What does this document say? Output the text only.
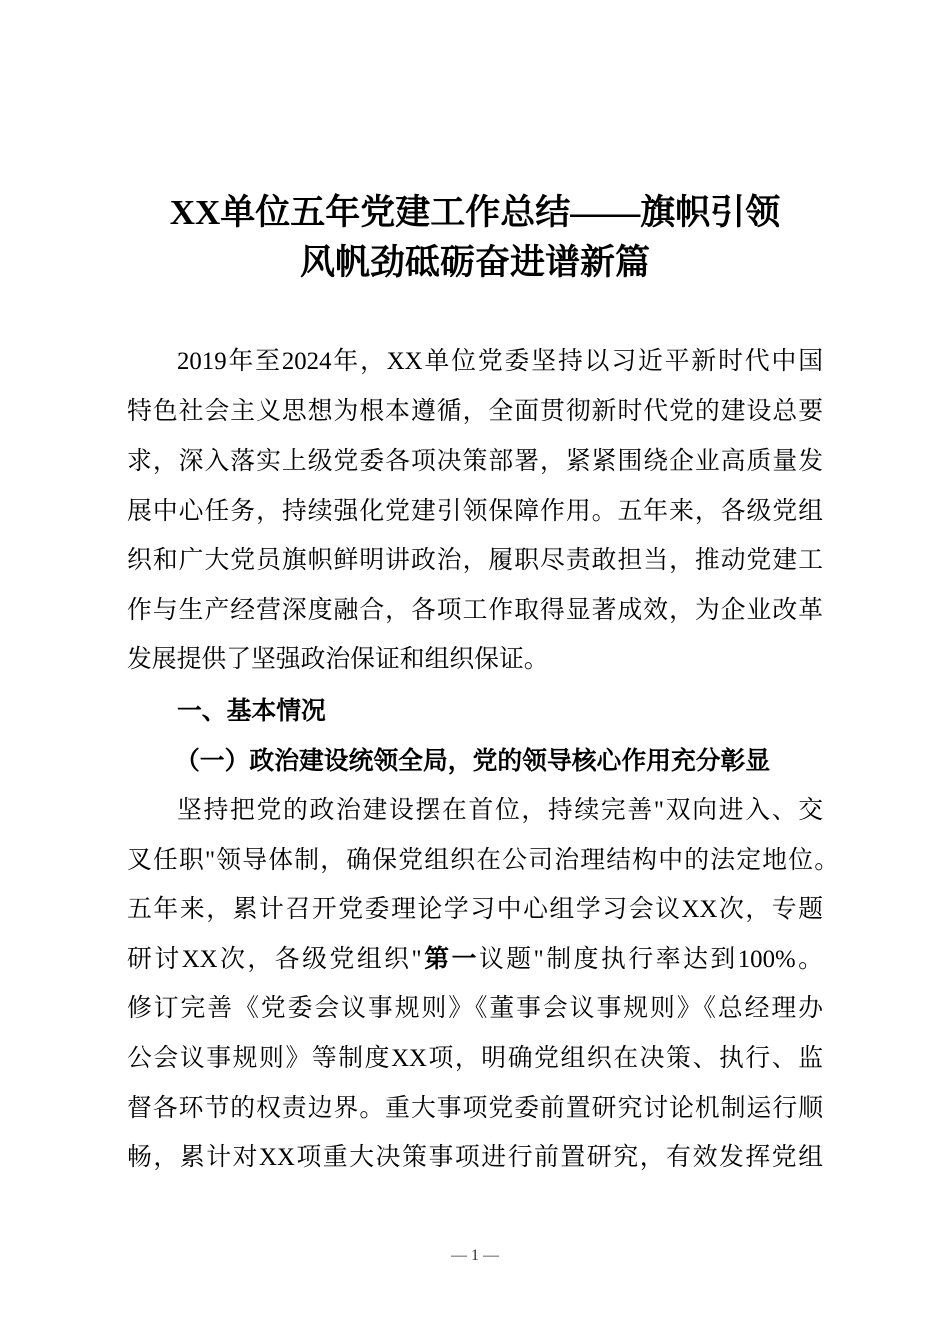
XX单位五年党建工作总结——旗帜引领
风帆劲砥砺奋进谱新篇
2019年至2024年，XX单位党委坚持以习近平新时代中国
特色社会主义思想为根本遵循，全面贯彻新时代党的建设总要
求，深入落实上级党委各项决策部署，紧紧围绕企业高质量发
展中心任务，持续强化党建引领保障作用。五年来，各级党组
织和广大党员旗帜鲜明讲政治，履职尽责敢担当，推动党建工
作与生产经营深度融合，各项工作取得显著成效，为企业改革
发展提供了坚强政治保证和组织保证。
一、基本情况
（一）政治建设统领全局，党的领导核心作用充分彰显
坚持把党的政治建设摆在首位，持续完善"双向进入、交
叉任职"领导体制，确保党组织在公司治理结构中的法定地位。
五年来，累计召开党委理论学习中心组学习会议XX次，专题
研讨XX次，各级党组织"第一议题"制度执行率达到100%。
修订完善《党委会议事规则》《董事会议事规则》《总经理办
公会议事规则》等制度XX项，明确党组织在决策、执行、监
督各环节的权责边界。重大事项党委前置研究讨论机制运行顺
畅，累计对XX项重大决策事项进行前置研究，有效发挥党组
— 1 —
